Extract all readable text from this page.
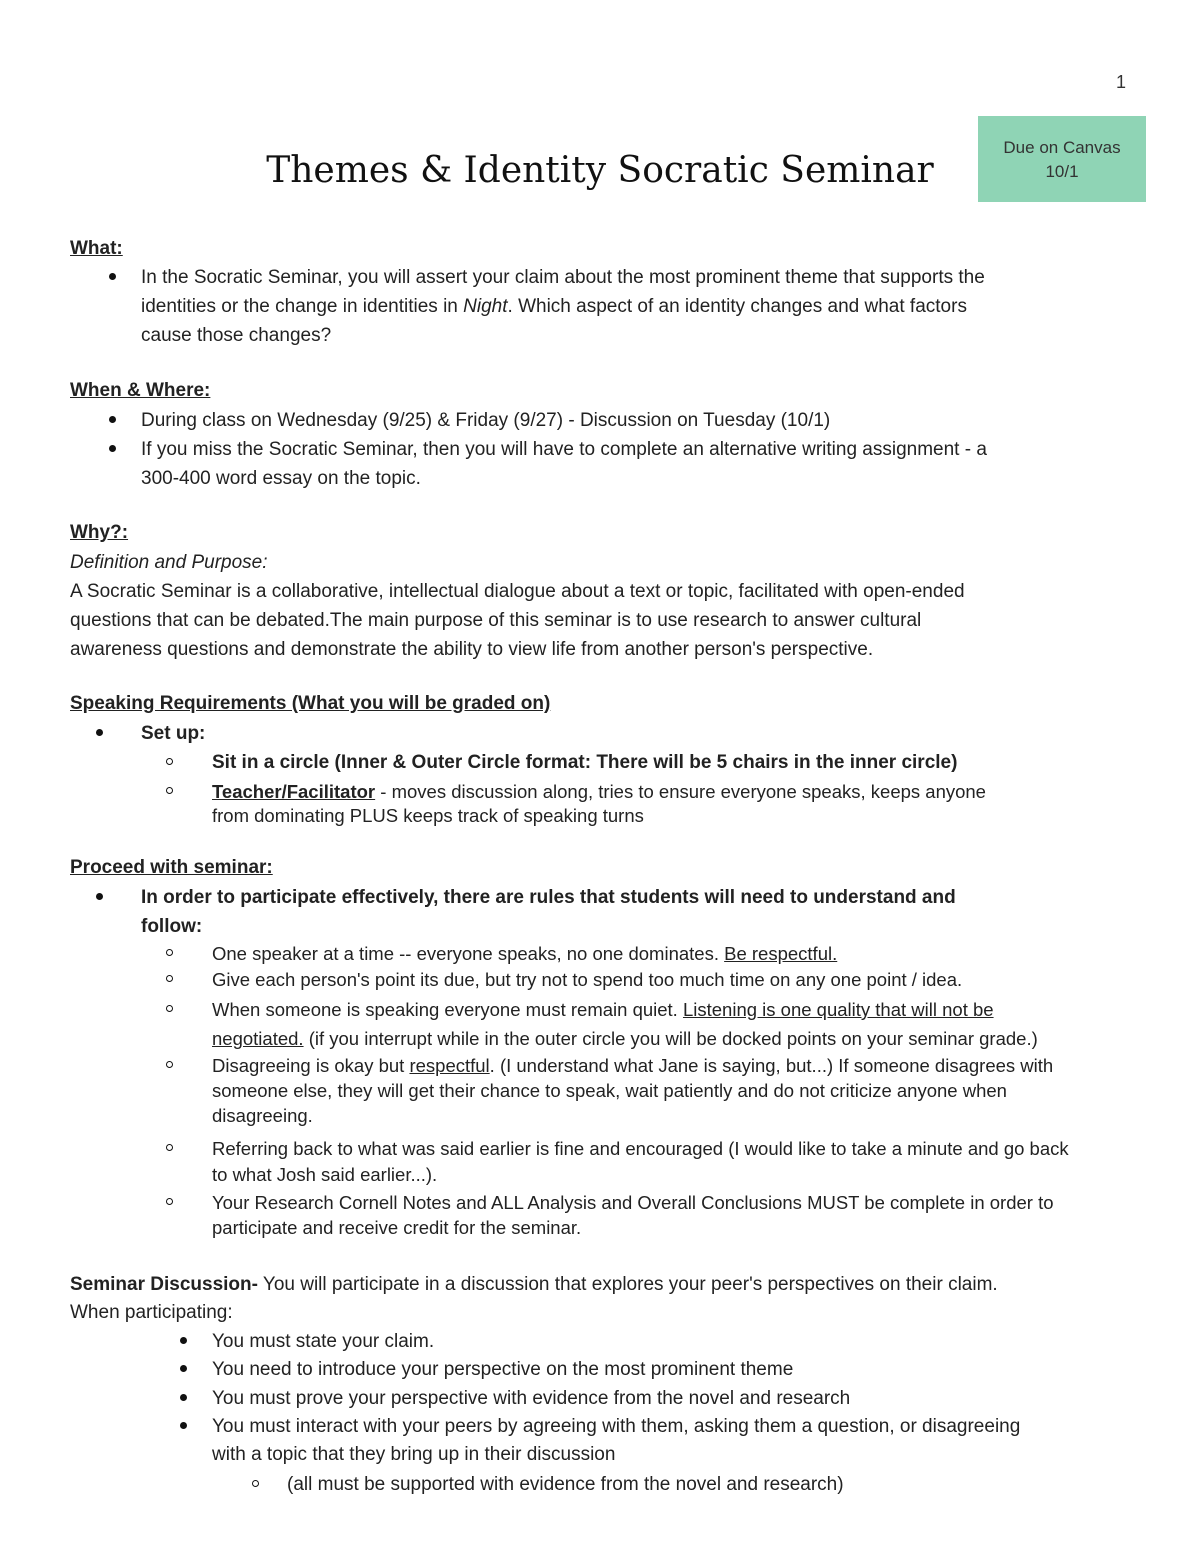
1
Due on Canvas
10/1
Themes & Identity Socratic Seminar
What:
In the Socratic Seminar, you will assert your claim about the most prominent theme that supports the
identities or the change in identities in Night. Which aspect of an identity changes and what factors
cause those changes?
When & Where:
During class on Wednesday (9/25) & Friday (9/27) - Discussion on Tuesday (10/1)
If you miss the Socratic Seminar, then you will have to complete an alternative writing assignment - a
300-400 word essay on the topic.
Why?:
Definition and Purpose:
A Socratic Seminar is a collaborative, intellectual dialogue about a text or topic, facilitated with open-ended
questions that can be debated.The main purpose of this seminar is to use research to answer cultural
awareness questions and demonstrate the ability to view life from another person's perspective.
Speaking Requirements (What you will be graded on)
Set up:
Sit in a circle (Inner & Outer Circle format: There will be 5 chairs in the inner circle)
Teacher/Facilitator - moves discussion along, tries to ensure everyone speaks, keeps anyone
from dominating PLUS keeps track of speaking turns
Proceed with seminar:
In order to participate effectively, there are rules that students will need to understand and
follow:
One speaker at a time -- everyone speaks, no one dominates. Be respectful.
Give each person's point its due, but try not to spend too much time on any one point / idea.
When someone is speaking everyone must remain quiet. Listening is one quality that will not be
negotiated. (if you interrupt while in the outer circle you will be docked points on your seminar grade.)
Disagreeing is okay but respectful. (I understand what Jane is saying, but...) If someone disagrees with
someone else, they will get their chance to speak, wait patiently and do not criticize anyone when
disagreeing.
Referring back to what was said earlier is fine and encouraged (I would like to take a minute and go back
to what Josh said earlier...).
Your Research Cornell Notes and ALL Analysis and Overall Conclusions MUST be complete in order to
participate and receive credit for the seminar.
Seminar Discussion- You will participate in a discussion that explores your peer's perspectives on their claim.
When participating:
You must state your claim.
You need to introduce your perspective on the most prominent theme
You must prove your perspective with evidence from the novel and research
You must interact with your peers by agreeing with them, asking them a question, or disagreeing
with a topic that they bring up in their discussion
(all must be supported with evidence from the novel and research)
